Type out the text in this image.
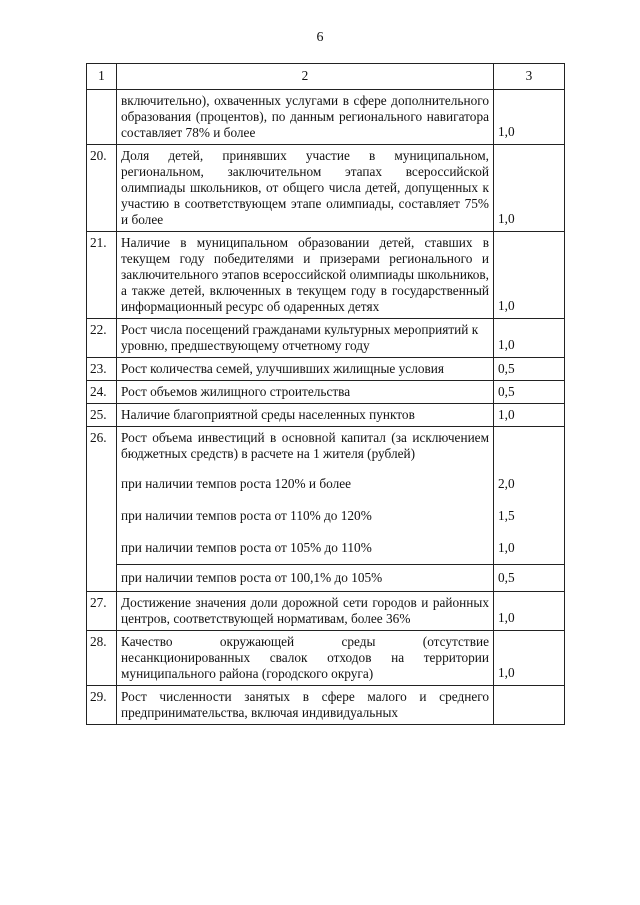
6
1	2	3
	включительно), охваченных услугами в сфере дополнительного образования (процентов), по данным регионального навигатора составляет 78% и более	1,0
20.	Доля детей, принявших участие в муниципальном, региональном, заключительном этапах всероссийской олимпиады школьников, от общего числа детей, допущенных к участию в соответствующем этапе олимпиады, составляет 75% и более	1,0
21.	Наличие в муниципальном образовании детей, ставших в текущем году победителями и призерами регионального и заключительного этапов всероссийской олимпиады школьников, а также детей, включенных в текущем году в государственный информационный ресурс об одаренных детях	1,0
22.	Рост числа посещений гражданами культурных мероприятий к уровню, предшествующему отчетному году	1,0
23.	Рост количества семей, улучшивших жилищные условия	0,5
24.	Рост объемов жилищного строительства	0,5
25.	Наличие благоприятной среды населенных пунктов	1,0
26.	Рост объема инвестиций в основной капитал (за исключением бюджетных средств) в расчете на 1 жителя (рублей)	
	при наличии темпов роста 120% и более	2,0
	при наличии темпов роста от 110% до 120%	1,5
	при наличии темпов роста от 105% до 110%	1,0
	при наличии темпов роста от 100,1% до 105%	0,5
27.	Достижение значения доли дорожной сети городов и районных центров, соответствующей нормативам, более 36%	1,0
28.	Качество окружающей среды (отсутствие несанкционированных свалок отходов на территории муниципального района (городского округа)	1,0
29.	Рост численности занятых в сфере малого и среднего предпринимательства, включая индивидуальных	
